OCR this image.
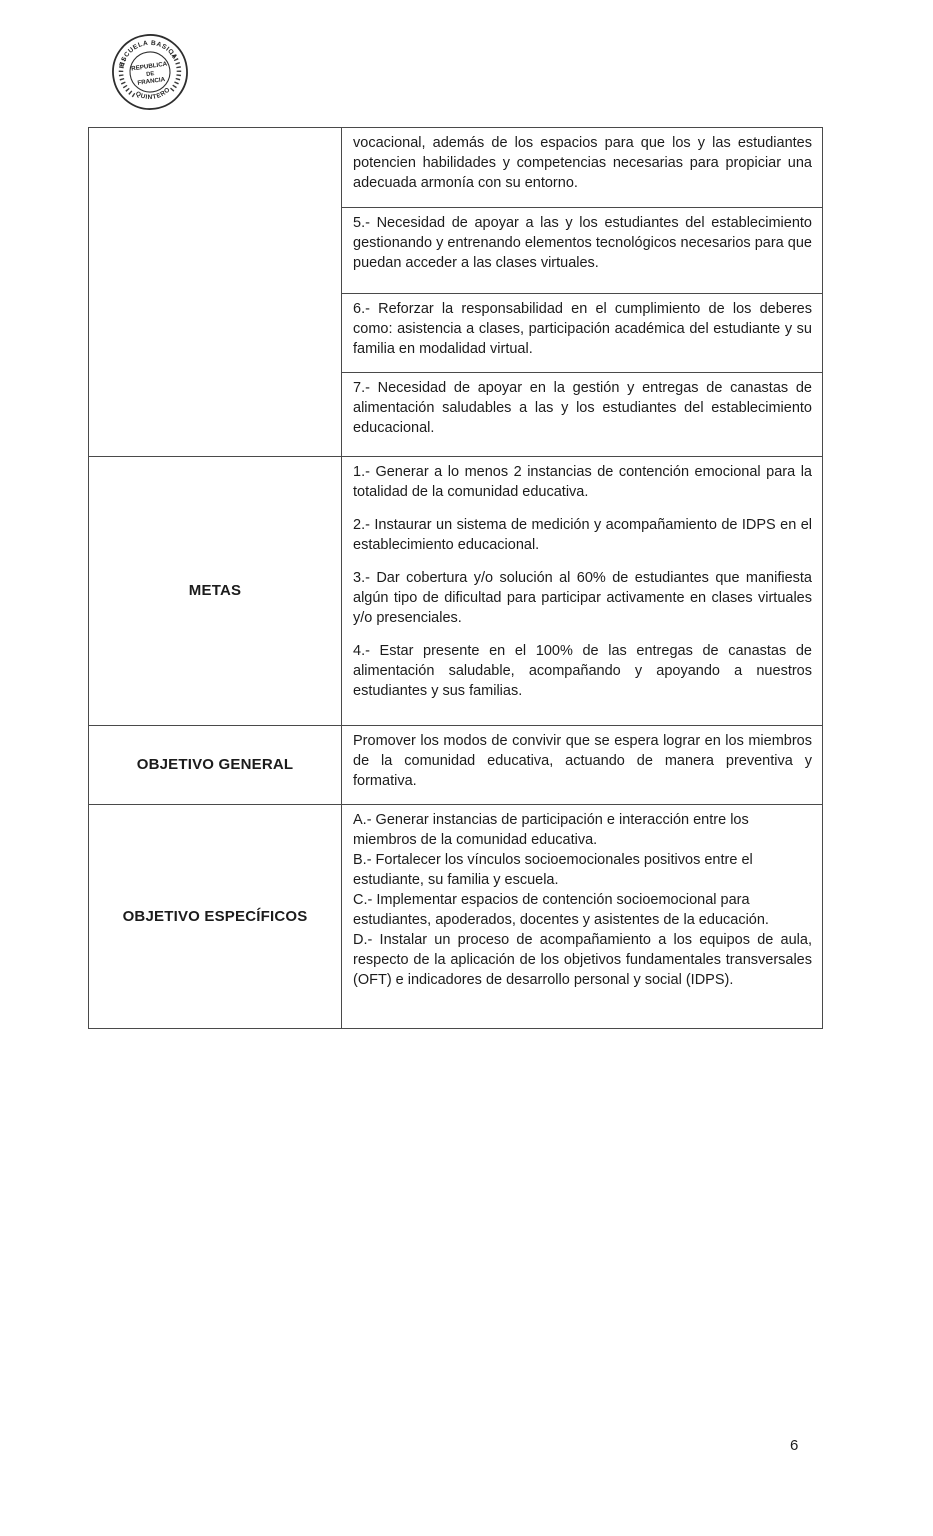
ESCUELA BASICA
QUINTERO
REPUBLICA
DE
FRANCIA

	vocacional, además de los espacios para que los y las estudiantes potencien habilidades y competencias necesarias para propiciar una adecuada armonía con su entorno.

	5.- Necesidad de apoyar a las y los estudiantes del establecimiento gestionando y entrenando elementos tecnológicos necesarios para que puedan acceder a las clases virtuales.

	6.- Reforzar la responsabilidad en el cumplimiento de los deberes como: asistencia a clases, participación académica del estudiante y su familia en modalidad virtual.

	7.- Necesidad de apoyar en la gestión y entregas de canastas de alimentación saludables a las y los estudiantes del establecimiento educacional.

METAS	1.- Generar a lo menos 2 instancias de contención emocional para la totalidad de la comunidad educativa.

2.- Instaurar un sistema de medición y acompañamiento de IDPS en el establecimiento educacional.

3.- Dar cobertura y/o solución al 60% de estudiantes que manifiesta algún tipo de dificultad para participar activamente en clases virtuales y/o presenciales.

4.- Estar presente en el 100% de las entregas de canastas de alimentación saludable, acompañando y apoyando a nuestros estudiantes y sus familias.

OBJETIVO GENERAL	Promover los modos de convivir que se espera lograr en los miembros de la comunidad educativa, actuando de manera preventiva y formativa.

OBJETIVO ESPECÍFICOS	A.- Generar instancias de participación e interacción entre los miembros de la comunidad educativa.

B.- Fortalecer los vínculos socioemocionales positivos entre el estudiante, su familia y escuela.

C.- Implementar espacios de contención socioemocional para estudiantes, apoderados, docentes y asistentes de la educación.

D.- Instalar un proceso de acompañamiento a los equipos de aula, respecto de la aplicación de los objetivos fundamentales transversales (OFT) e indicadores de desarrollo personal y social (IDPS).

6
